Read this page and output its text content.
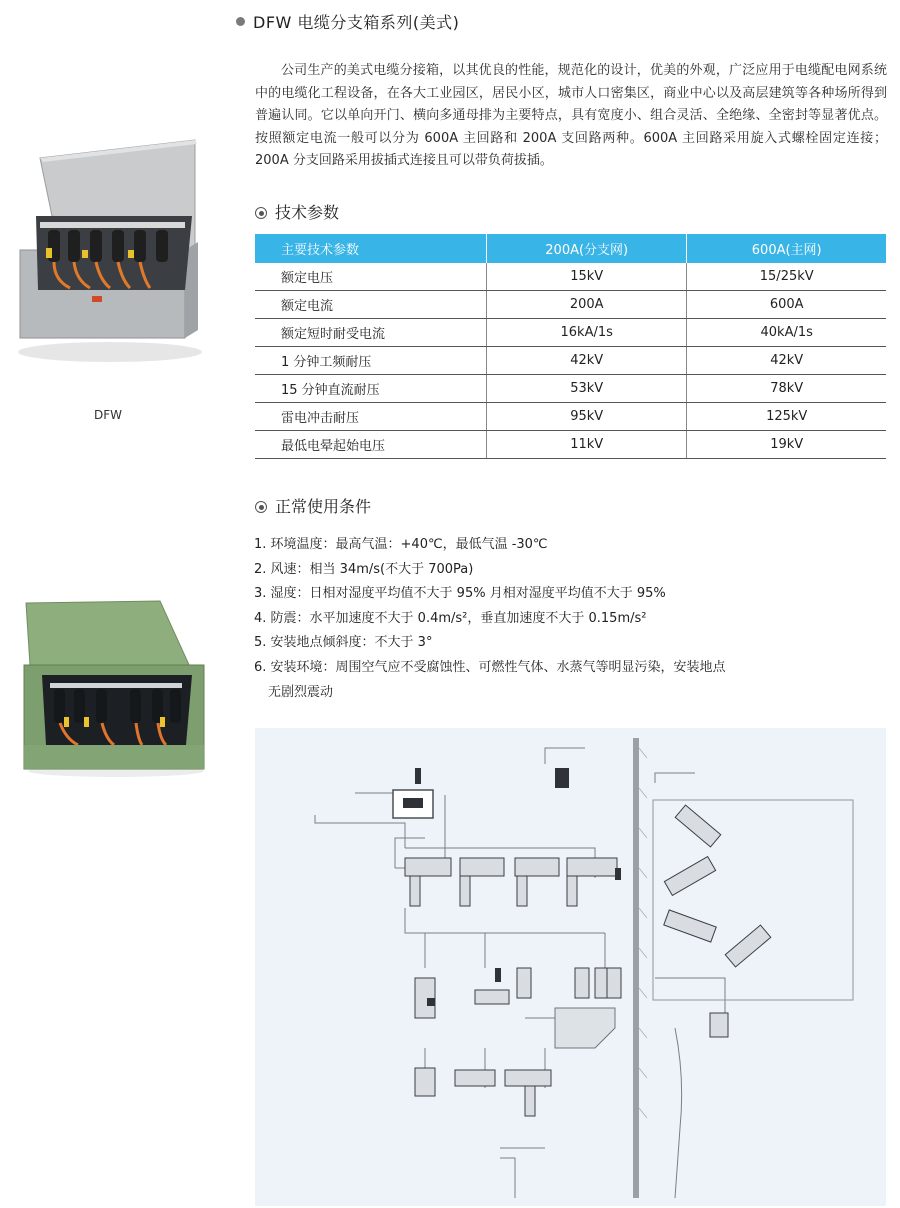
DFW 电缆分支箱系列(美式)

公司生产的美式电缆分接箱，以其优良的性能，规范化的设计，优美的外观，广泛应用于电缆配电网系统中的电缆化工程设备，在各大工业园区，居民小区，城市人口密集区，商业中心以及高层建筑等各种场所得到普遍认同。它以单向开门、横向多通母排为主要特点，具有宽度小、组合灵活、全绝缘、全密封等显著优点。按照额定电流一般可以分为 600A 主回路和 200A 支回路两种。600A 主回路采用旋入式螺栓固定连接；200A 分支回路采用拔插式连接且可以带负荷拔插。

技术参数
主要技术参数	200A(分支网)	600A(主网)
额定电压	15kV	15/25kV
额定电流	200A	600A
额定短时耐受电流	16kA/1s	40kA/1s
1 分钟工频耐压	42kV	42kV
15 分钟直流耐压	53kV	78kV
雷电冲击耐压	95kV	125kV
最低电晕起始电压	11kV	19kV
正常使用条件
1. 环境温度：最高气温：+40℃，最低气温 -30℃
2. 风速：相当 34m/s(不大于 700Pa)
3. 湿度：日相对湿度平均值不大于 95% 月相对湿度平均值不大于 95%
4. 防震：水平加速度不大于 0.4m/s²，垂直加速度不大于 0.15m/s²
5. 安装地点倾斜度：不大于 3°
6. 安装环境：周围空气应不受腐蚀性、可燃性气体、水蒸气等明显污染，安装地点
无剧烈震动
DFW
